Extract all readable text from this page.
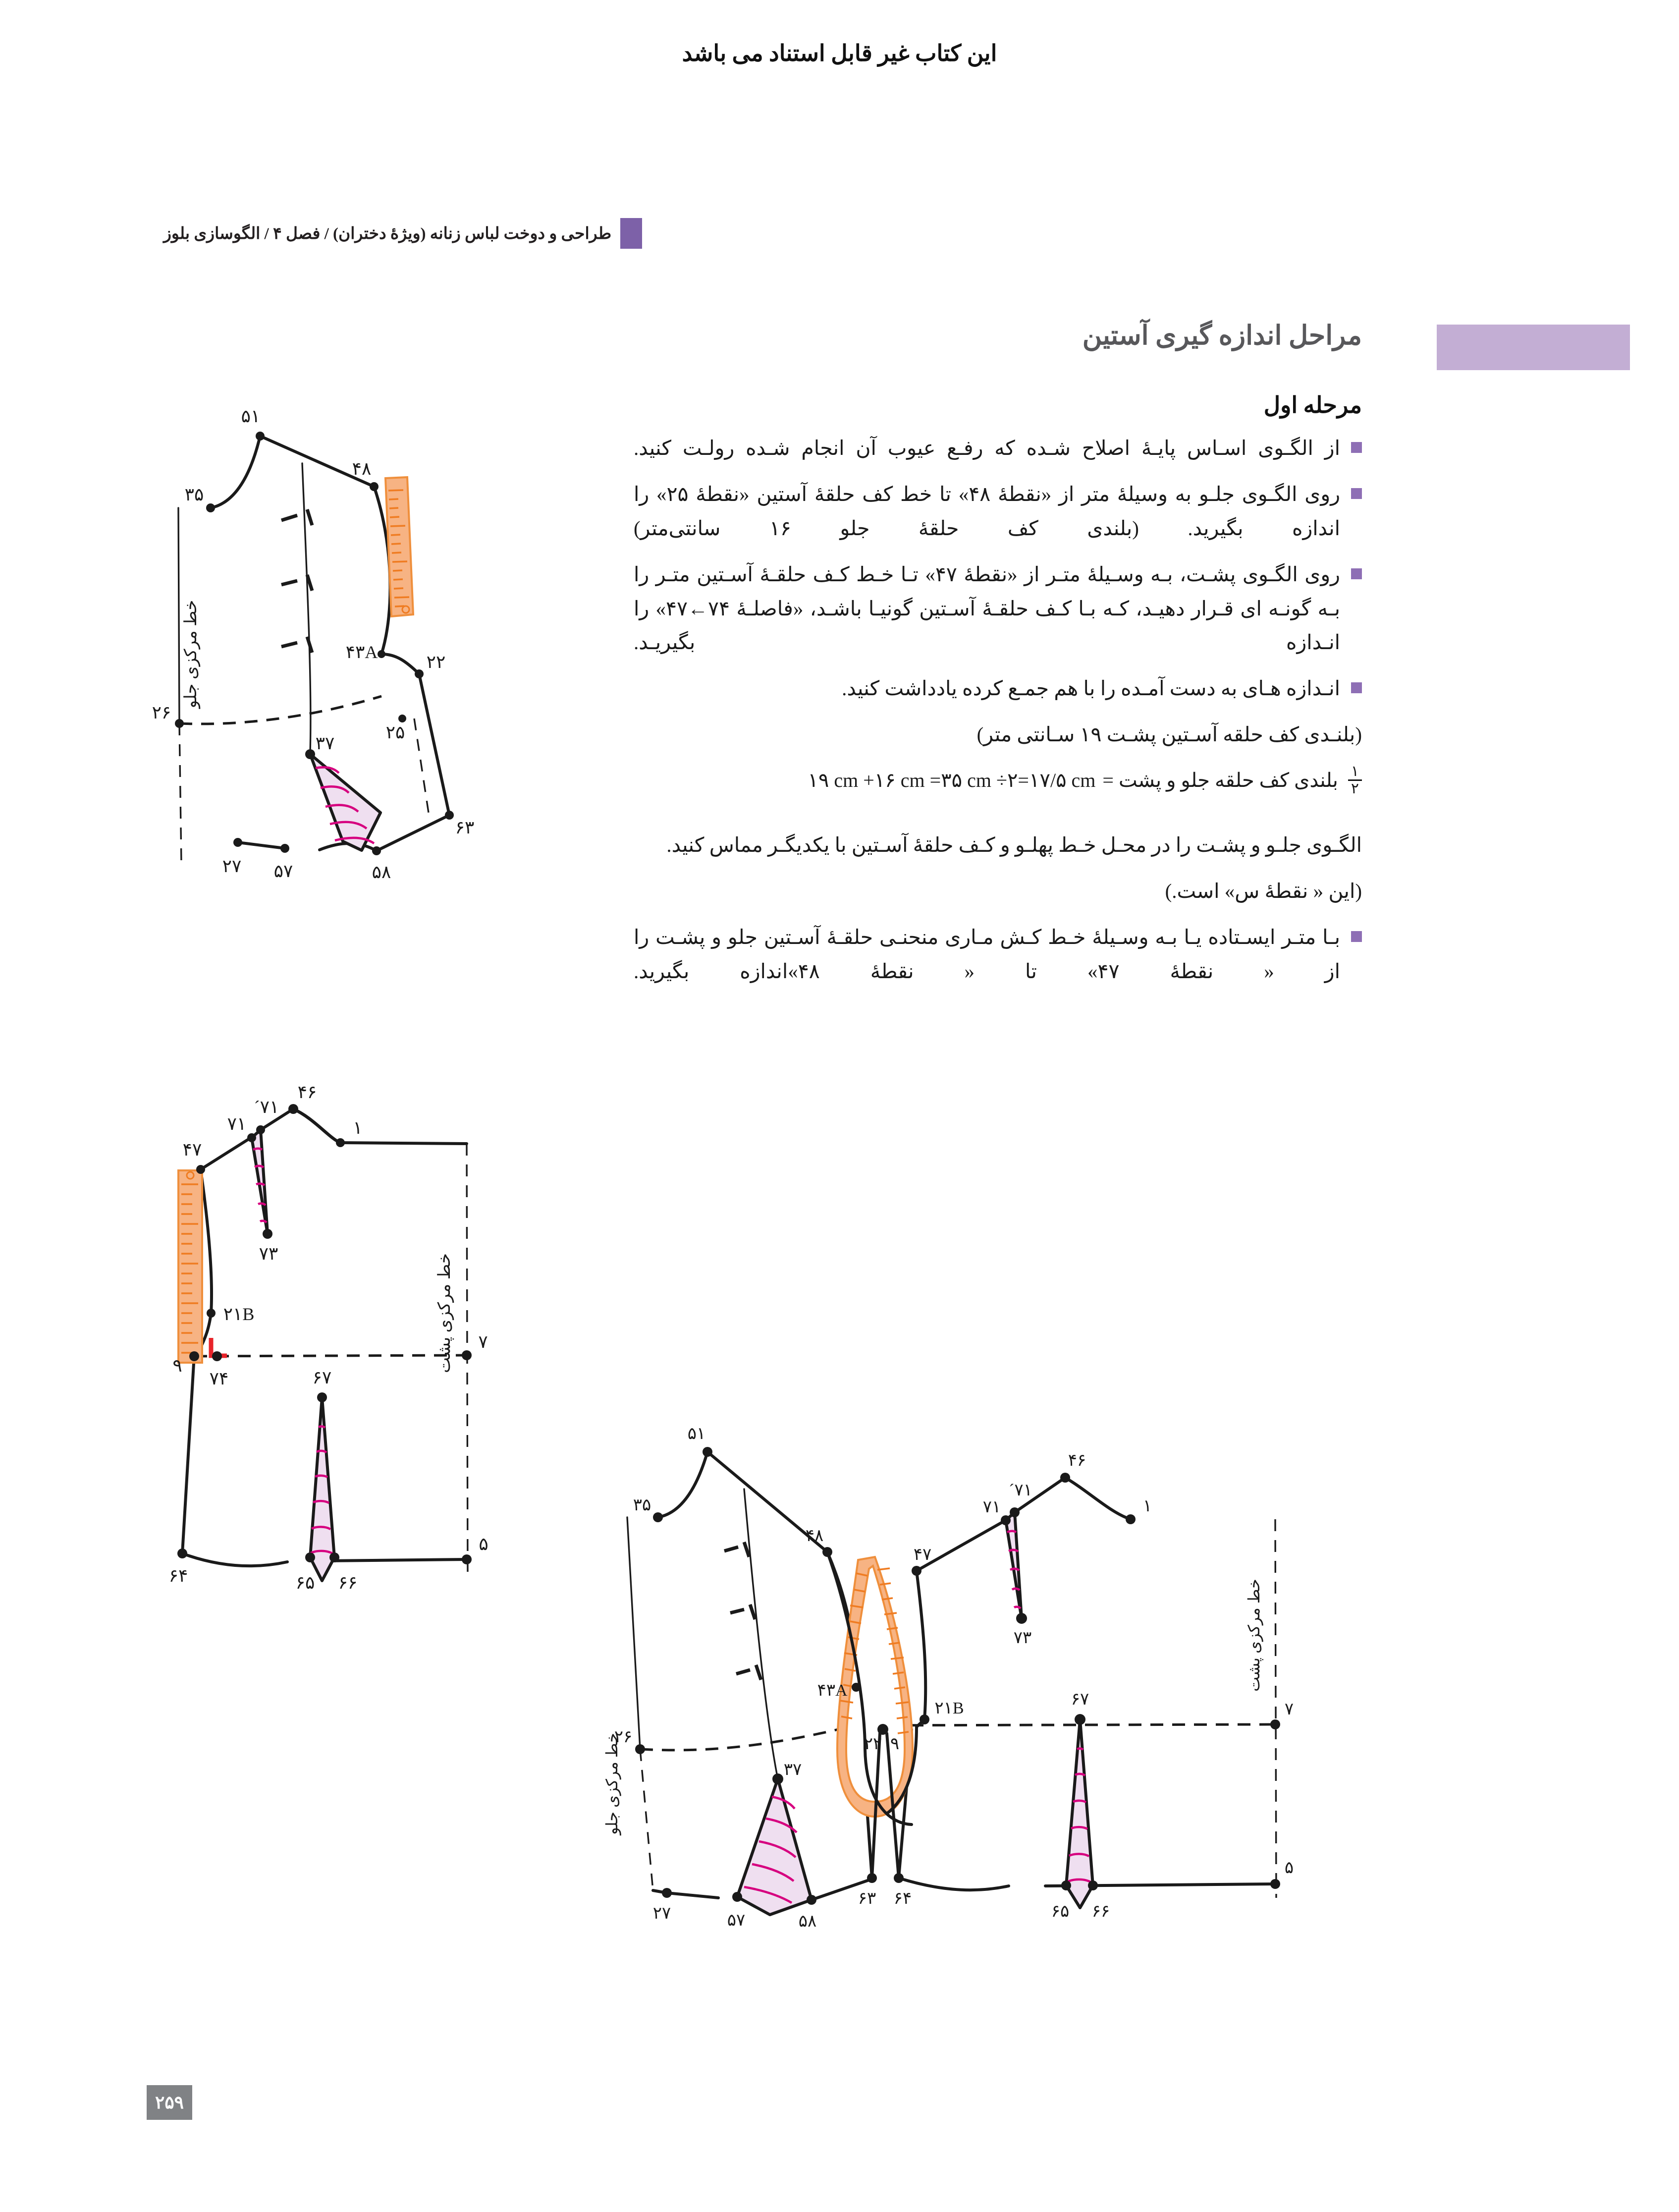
این کتاب غیر قابل استناد می باشد
طراحی و دوخت لباس زنانه (ویژهٔ دختران) / فصل ۴ / الگوسازی بلوز
مراحل اندازه گیری آستین
مرحله اول
از الگـوی اسـاس پایـهٔ اصلاح شـده که رفـع عیوب آن انجام شـده رولـت کنید.
روی الگـوی جلـو به وسیلهٔ متر از «نقطهٔ ۴۸» تا خط کف حلقهٔ آستین «نقطهٔ ۲۵» را اندازه بگیرید. (بلندی کف حلقهٔ جلو ۱۶ سانتی‌متر)
روی الگـوی پشـت، بـه وسـیلهٔ متـر از «نقطهٔ ۴۷» تـا خـط کـف حلقـهٔ آسـتین متـر را بـه گونـه ای قـرار دهیـد، کـه بـا کـف حلقـهٔ آسـتین گونیـا باشـد، «فاصلـهٔ ۷۴←۴۷» را انـدازه بگیریـد.
انـدازه هـای به دست آمـده را با هم جمـع کرده یادداشت کنید.
(بلنـدی کف حلقه آسـتین پشـت ۱۹ سـانتی متر)
$\frac{۱}{۲}$
بلندی کف حلقه جلو و پشت =
۱۹ cm +۱۶ cm =۳۵ cm ÷۲=۱۷/۵ cm
الگـوی جلـو و پشـت را در محـل خـط پهلـو و کـف حلقهٔ آسـتین با یکدیگـر مماس کنید.
(این « نقطهٔ س» است.)
بـا متـر ایسـتاده یـا بـه وسـیلهٔ خـط کـش مـاری منحنـی حلقـهٔ آسـتین جلو و پشـت را از « نقطهٔ ۴۷» تا « نقطهٔ ۴۸»اندازه بگیرید.
خط مرکزی جلو
۵۱
۳۵
۴۸
۴۳A	۲۲
۲۵
۲۶
۳۷
۲۷ ۵۷	۵۸
۶۳
خط مرکزی پشت
۴۶
۷۱
۷۱´
۷۳
۱
۴۷
۲۱B
۹
۷۴
۷
۶۷
۶۴	۶۵ ۶۶
۵
خط مرکزی جلو
خط مرکزی پشت
۵۱
۳۵
۴۸
۴۳A
۲۶	۲۲ ۹
۳۷
۲۷	۵۷	۵۸
۶۳ ۶۴
۴۶
۷۱
۷۱´
۷۳
۱
۴۷
۲۱B	۷
۶۷
۶۵ ۶۶
۵
۲۵۹
